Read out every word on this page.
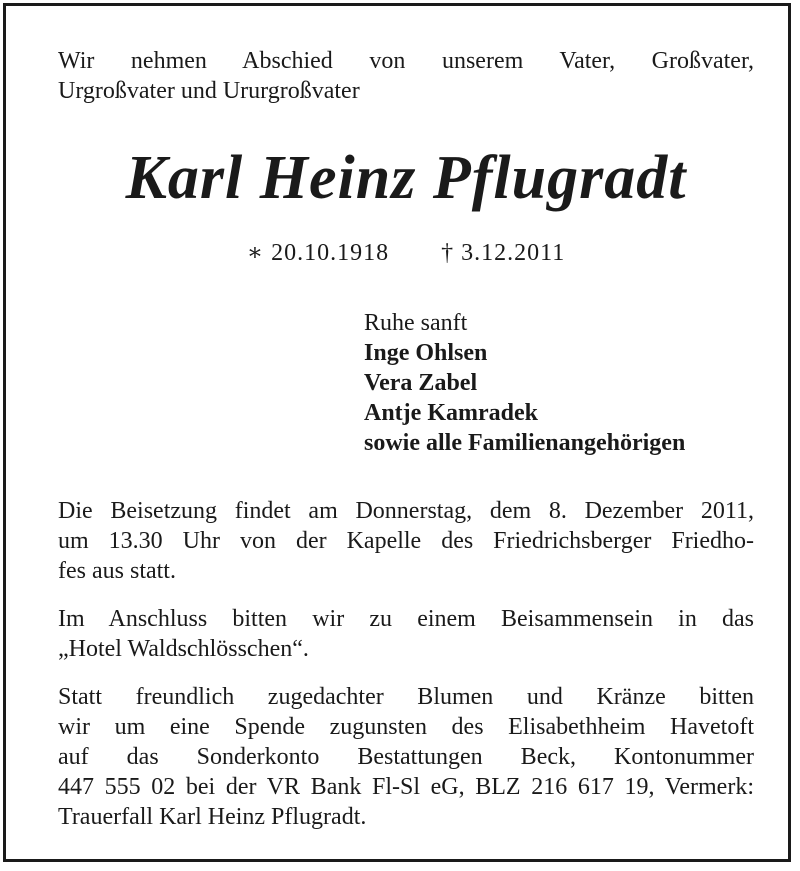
Wir nehmen Abschied von unserem Vater, Großvater,
Urgroßvater und Ururgroßvater

Karl Heinz Pflugradt
∗ 20.10.1918 † 3.12.2011
Ruhe sanft
Inge Ohlsen
Vera Zabel
Antje Kamradek
sowie alle Familienangehörigen

Die Beisetzung findet am Donnerstag, dem 8. Dezember 2011,
um 13.30 Uhr von der Kapelle des Friedrichsberger Friedho-
fes aus statt.

Im Anschluss bitten wir zu einem Beisammensein in das
„Hotel Waldschlösschen“.

Statt freundlich zugedachter Blumen und Kränze bitten
wir um eine Spende zugunsten des Elisabethheim Havetoft
auf das Sonderkonto Bestattungen Beck, Kontonummer
447 555 02 bei der VR Bank Fl-Sl eG, BLZ 216 617 19, Vermerk:
Trauerfall Karl Heinz Pflugradt.
